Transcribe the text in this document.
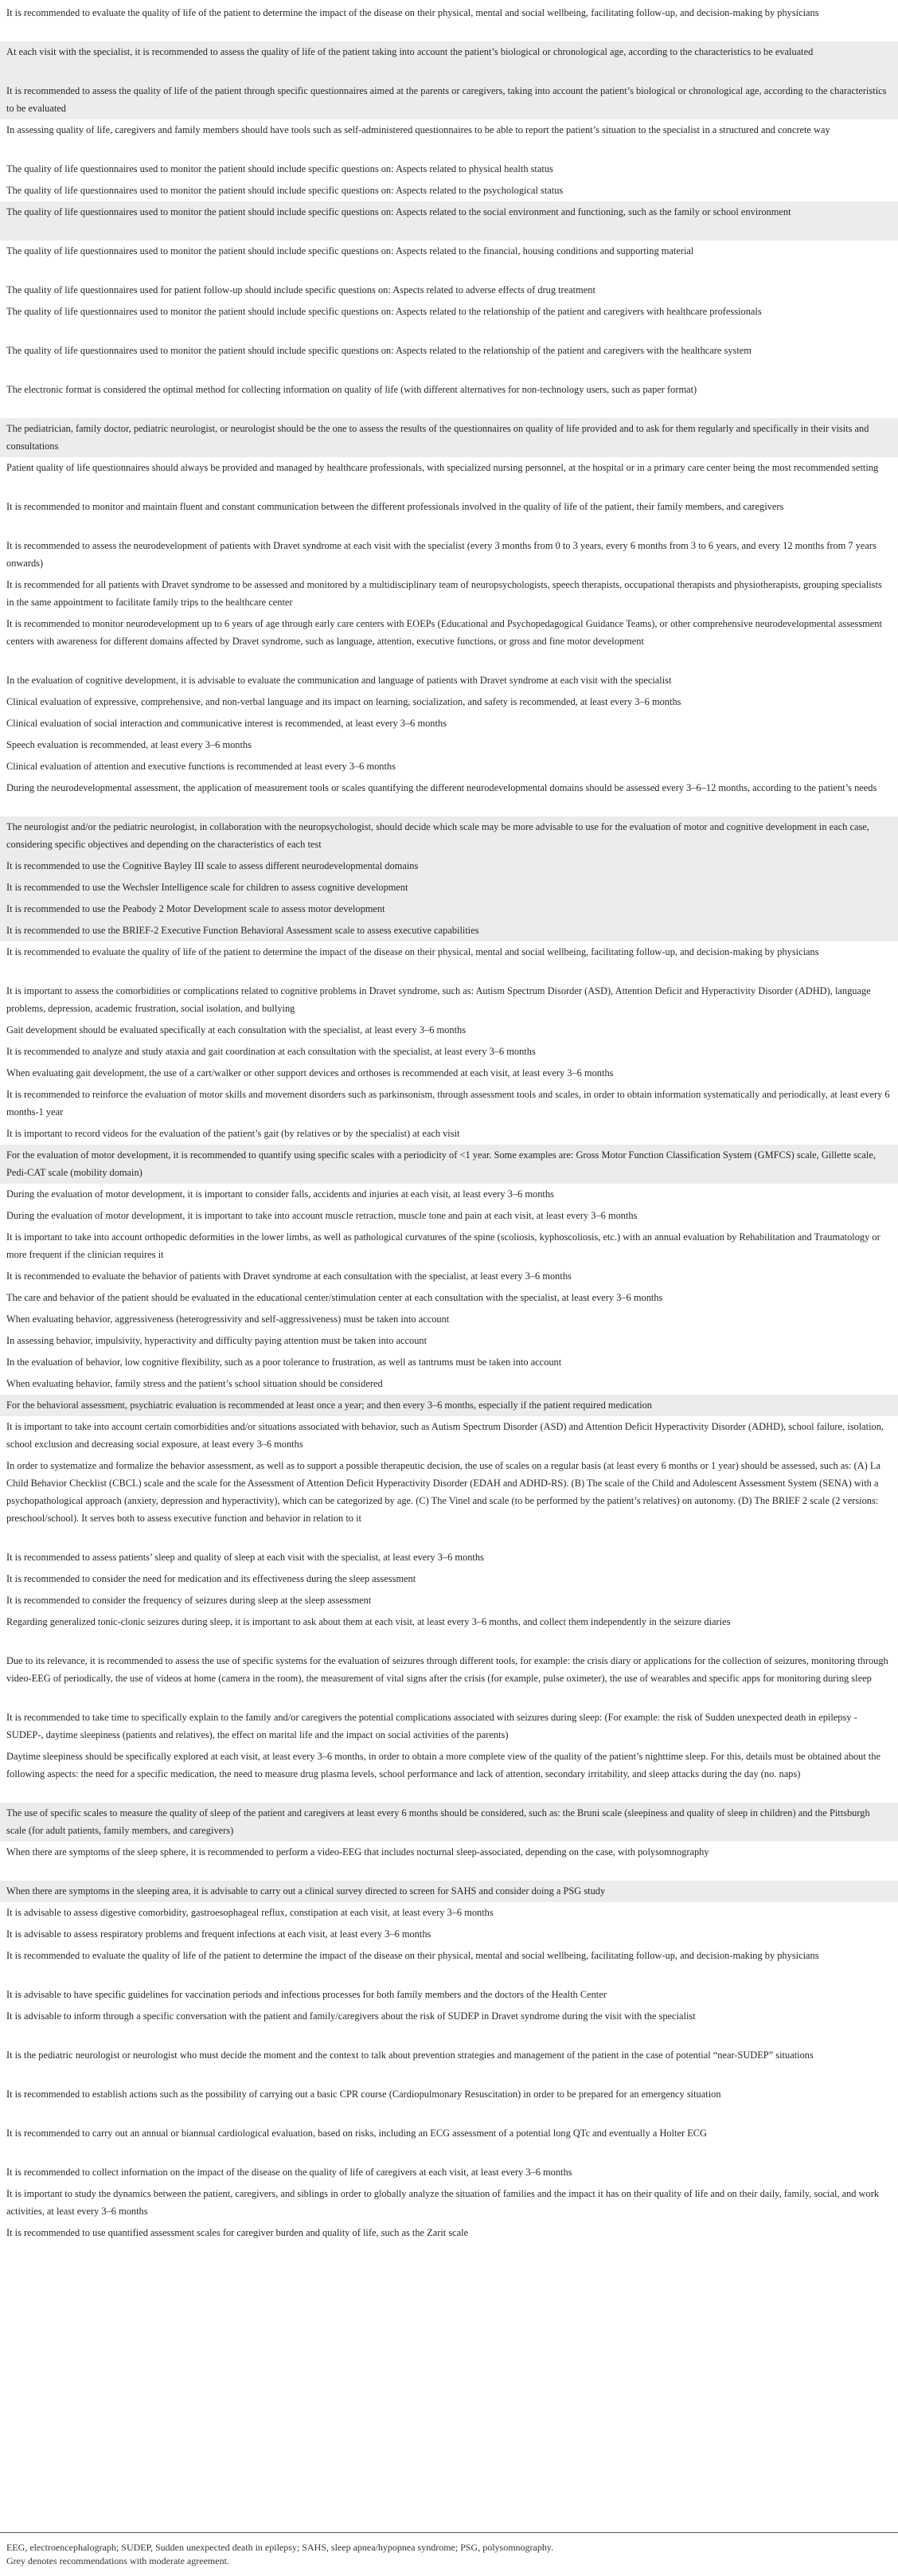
It is recommended to evaluate the quality of life of the patient to determine the impact of the disease on their physical, mental and social wellbeing, facilitating follow-up, and decision-making by physicians
At each visit with the specialist, it is recommended to assess the quality of life of the patient taking into account the patient’s biological or chronological age, according to the characteristics to be evaluated
It is recommended to assess the quality of life of the patient through specific questionnaires aimed at the parents or caregivers, taking into account the patient’s biological or chronological age, according to the characteristics to be evaluated
In assessing quality of life, caregivers and family members should have tools such as self-administered questionnaires to be able to report the patient’s situation to the specialist in a structured and concrete way
The quality of life questionnaires used to monitor the patient should include specific questions on: Aspects related to physical health status
The quality of life questionnaires used to monitor the patient should include specific questions on: Aspects related to the psychological status
The quality of life questionnaires used to monitor the patient should include specific questions on: Aspects related to the social environment and functioning, such as the family or school environment
The quality of life questionnaires used to monitor the patient should include specific questions on: Aspects related to the financial, housing conditions and supporting material
The quality of life questionnaires used for patient follow-up should include specific questions on: Aspects related to adverse effects of drug treatment
The quality of life questionnaires used to monitor the patient should include specific questions on: Aspects related to the relationship of the patient and caregivers with healthcare professionals
The quality of life questionnaires used to monitor the patient should include specific questions on: Aspects related to the relationship of the patient and caregivers with the healthcare system
The electronic format is considered the optimal method for collecting information on quality of life (with different alternatives for non-technology users, such as paper format)
The pediatrician, family doctor, pediatric neurologist, or neurologist should be the one to assess the results of the questionnaires on quality of life provided and to ask for them regularly and specifically in their visits and consultations
Patient quality of life questionnaires should always be provided and managed by healthcare professionals, with specialized nursing personnel, at the hospital or in a primary care center being the most recommended setting
It is recommended to monitor and maintain fluent and constant communication between the different professionals involved in the quality of life of the patient, their family members, and caregivers
It is recommended to assess the neurodevelopment of patients with Dravet syndrome at each visit with the specialist (every 3 months from 0 to 3 years, every 6 months from 3 to 6 years, and every 12 months from 7 years onwards)
It is recommended for all patients with Dravet syndrome to be assessed and monitored by a multidisciplinary team of neuropsychologists, speech therapists, occupational therapists and physiotherapists, grouping specialists in the same appointment to facilitate family trips to the healthcare center
It is recommended to monitor neurodevelopment up to 6 years of age through early care centers with EOEPs (Educational and Psychopedagogical Guidance Teams), or other comprehensive neurodevelopmental assessment centers with awareness for different domains affected by Dravet syndrome, such as language, attention, executive functions, or gross and fine motor development
In the evaluation of cognitive development, it is advisable to evaluate the communication and language of patients with Dravet syndrome at each visit with the specialist
Clinical evaluation of expressive, comprehensive, and non-verbal language and its impact on learning, socialization, and safety is recommended, at least every 3–6 months
Clinical evaluation of social interaction and communicative interest is recommended, at least every 3–6 months
Speech evaluation is recommended, at least every 3–6 months
Clinical evaluation of attention and executive functions is recommended at least every 3–6 months
During the neurodevelopmental assessment, the application of measurement tools or scales quantifying the different neurodevelopmental domains should be assessed every 3–6–12 months, according to the patient’s needs
The neurologist and/or the pediatric neurologist, in collaboration with the neuropsychologist, should decide which scale may be more advisable to use for the evaluation of motor and cognitive development in each case, considering specific objectives and depending on the characteristics of each test
It is recommended to use the Cognitive Bayley III scale to assess different neurodevelopmental domains
It is recommended to use the Wechsler Intelligence scale for children to assess cognitive development
It is recommended to use the Peabody 2 Motor Development scale to assess motor development
It is recommended to use the BRIEF-2 Executive Function Behavioral Assessment scale to assess executive capabilities
It is recommended to evaluate the quality of life of the patient to determine the impact of the disease on their physical, mental and social wellbeing, facilitating follow-up, and decision-making by physicians
It is important to assess the comorbidities or complications related to cognitive problems in Dravet syndrome, such as: Autism Spectrum Disorder (ASD), Attention Deficit and Hyperactivity Disorder (ADHD), language problems, depression, academic frustration, social isolation, and bullying
Gait development should be evaluated specifically at each consultation with the specialist, at least every 3–6 months
It is recommended to analyze and study ataxia and gait coordination at each consultation with the specialist, at least every 3–6 months
When evaluating gait development, the use of a cart/walker or other support devices and orthoses is recommended at each visit, at least every 3–6 months
It is recommended to reinforce the evaluation of motor skills and movement disorders such as parkinsonism, through assessment tools and scales, in order to obtain information systematically and periodically, at least every 6 months-1 year
It is important to record videos for the evaluation of the patient’s gait (by relatives or by the specialist) at each visit
For the evaluation of motor development, it is recommended to quantify using specific scales with a periodicity of <1 year. Some examples are: Gross Motor Function Classification System (GMFCS) scale, Gillette scale, Pedi-CAT scale (mobility domain)
During the evaluation of motor development, it is important to consider falls, accidents and injuries at each visit, at least every 3–6 months
During the evaluation of motor development, it is important to take into account muscle retraction, muscle tone and pain at each visit, at least every 3–6 months
It is important to take into account orthopedic deformities in the lower limbs, as well as pathological curvatures of the spine (scoliosis, kyphoscoliosis, etc.) with an annual evaluation by Rehabilitation and Traumatology or more frequent if the clinician requires it
It is recommended to evaluate the behavior of patients with Dravet syndrome at each consultation with the specialist, at least every 3–6 months
The care and behavior of the patient should be evaluated in the educational center/stimulation center at each consultation with the specialist, at least every 3–6 months
When evaluating behavior, aggressiveness (heterogressivity and self-aggressiveness) must be taken into account
In assessing behavior, impulsivity, hyperactivity and difficulty paying attention must be taken into account
In the evaluation of behavior, low cognitive flexibility, such as a poor tolerance to frustration, as well as tantrums must be taken into account
When evaluating behavior, family stress and the patient’s school situation should be considered
For the behavioral assessment, psychiatric evaluation is recommended at least once a year; and then every 3–6 months, especially if the patient required medication
It is important to take into account certain comorbidities and/or situations associated with behavior, such as Autism Spectrum Disorder (ASD) and Attention Deficit Hyperactivity Disorder (ADHD), school failure, isolation, school exclusion and decreasing social exposure, at least every 3–6 months
In order to systematize and formalize the behavior assessment, as well as to support a possible therapeutic decision, the use of scales on a regular basis (at least every 6 months or 1 year) should be assessed, such as: (A) La Child Behavior Checklist (CBCL) scale and the scale for the Assessment of Attention Deficit Hyperactivity Disorder (EDAH and ADHD-RS). (B) The scale of the Child and Adolescent Assessment System (SENA) with a psychopathological approach (anxiety, depression and hyperactivity), which can be categorized by age. (C) The Vinel and scale (to be performed by the patient’s relatives) on autonomy. (D) The BRIEF 2 scale (2 versions: preschool/school). It serves both to assess executive function and behavior in relation to it
It is recommended to assess patients’ sleep and quality of sleep at each visit with the specialist, at least every 3–6 months
It is recommended to consider the need for medication and its effectiveness during the sleep assessment
It is recommended to consider the frequency of seizures during sleep at the sleep assessment
Regarding generalized tonic-clonic seizures during sleep, it is important to ask about them at each visit, at least every 3–6 months, and collect them independently in the seizure diaries
Due to its relevance, it is recommended to assess the use of specific systems for the evaluation of seizures through different tools, for example: the crisis diary or applications for the collection of seizures, monitoring through video-EEG of periodically, the use of videos at home (camera in the room), the measurement of vital signs after the crisis (for example, pulse oximeter), the use of wearables and specific apps for monitoring during sleep
It is recommended to take time to specifically explain to the family and/or caregivers the potential complications associated with seizures during sleep: (For example: the risk of Sudden unexpected death in epilepsy -SUDEP-, daytime sleepiness (patients and relatives), the effect on marital life and the impact on social activities of the parents)
Daytime sleepiness should be specifically explored at each visit, at least every 3–6 months, in order to obtain a more complete view of the quality of the patient’s nighttime sleep. For this, details must be obtained about the following aspects: the need for a specific medication, the need to measure drug plasma levels, school performance and lack of attention, secondary irritability, and sleep attacks during the day (no. naps)
The use of specific scales to measure the quality of sleep of the patient and caregivers at least every 6 months should be considered, such as: the Bruni scale (sleepiness and quality of sleep in children) and the Pittsburgh scale (for adult patients, family members, and caregivers)
When there are symptoms of the sleep sphere, it is recommended to perform a video-EEG that includes nocturnal sleep-associated, depending on the case, with polysomnography
When there are symptoms in the sleeping area, it is advisable to carry out a clinical survey directed to screen for SAHS and consider doing a PSG study
It is advisable to assess digestive comorbidity, gastroesophageal reflux, constipation at each visit, at least every 3–6 months
It is advisable to assess respiratory problems and frequent infections at each visit, at least every 3–6 months
It is recommended to evaluate the quality of life of the patient to determine the impact of the disease on their physical, mental and social wellbeing, facilitating follow-up, and decision-making by physicians
It is advisable to have specific guidelines for vaccination periods and infectious processes for both family members and the doctors of the Health Center
It is advisable to inform through a specific conversation with the patient and family/caregivers about the risk of SUDEP in Dravet syndrome during the visit with the specialist
It is the pediatric neurologist or neurologist who must decide the moment and the context to talk about prevention strategies and management of the patient in the case of potential “near-SUDEP” situations
It is recommended to establish actions such as the possibility of carrying out a basic CPR course (Cardiopulmonary Resuscitation) in order to be prepared for an emergency situation
It is recommended to carry out an annual or biannual cardiological evaluation, based on risks, including an ECG assessment of a potential long QTc and eventually a Holter ECG
It is recommended to collect information on the impact of the disease on the quality of life of caregivers at each visit, at least every 3–6 months
It is important to study the dynamics between the patient, caregivers, and siblings in order to globally analyze the situation of families and the impact it has on their quality of life and on their daily, family, social, and work activities, at least every 3–6 months
It is recommended to use quantified assessment scales for caregiver burden and quality of life, such as the Zarit scale
EEG, electroencephalograph; SUDEP, Sudden unexpected death in epilepsy; SAHS, sleep apnea/hypopnea syndrome; PSG, polysomnography.
Grey denotes recommendations with moderate agreement.
